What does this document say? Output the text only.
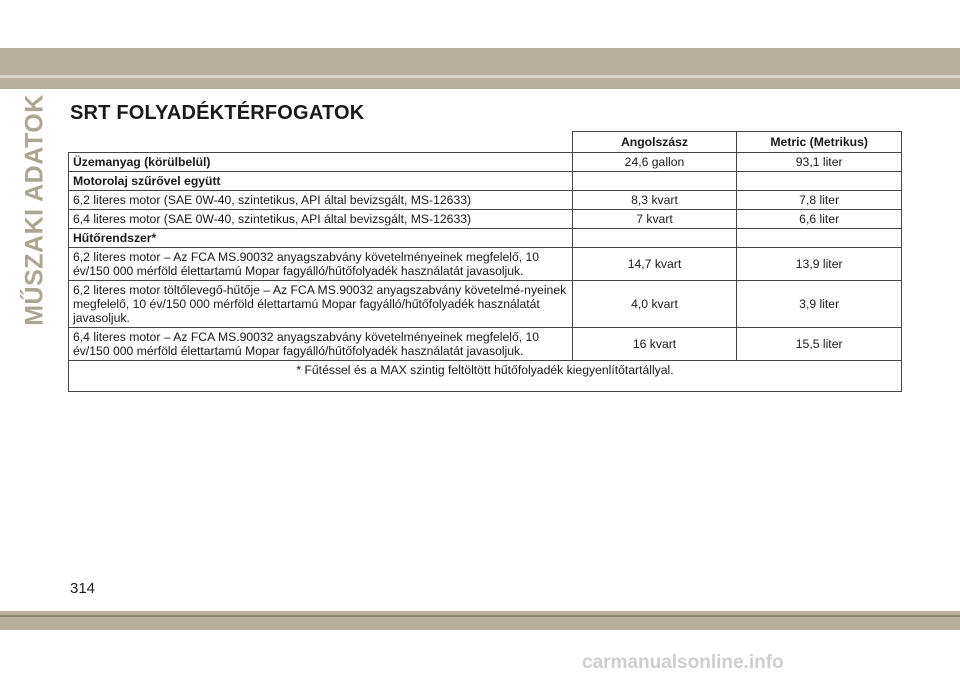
MŰSZAKI ADATOK SRT FOLYADÉKTÉRFOGATOK
	Angolszász	Metric (Metrikus)
Üzemanyag (körülbelül)	24,6 gallon	93,1 liter
Motorolaj szűrővel együtt		
6,2 literes motor (SAE 0W-40, szintetikus, API által bevizsgált, MS-12633)	8,3 kvart	7,8 liter
6,4 literes motor (SAE 0W-40, szintetikus, API által bevizsgált, MS-12633)	7 kvart	6,6 liter
Hűtőrendszer*		
6,2 literes motor – Az FCA MS.90032 anyagszabvány követelményeinek megfelelő, 10 év/150 000 mérföld élettartamú Mopar fagyálló/hűtőfolyadék használatát javasoljuk.	14,7 kvart	13,9 liter
6,2 literes motor töltőlevegő-hűtője – Az FCA MS.90032 anyagszabvány követelmé-nyeinek megfelelő, 10 év/150 000 mérföld élettartamú Mopar fagyálló/hűtőfolyadék használatát javasoljuk.	4,0 kvart	3,9 liter
6,4 literes motor – Az FCA MS.90032 anyagszabvány követelményeinek megfelelő, 10 év/150 000 mérföld élettartamú Mopar fagyálló/hűtőfolyadék használatát javasoljuk.	16 kvart	15,5 liter
* Fűtéssel és a MAX szintig feltöltött hűtőfolyadék kiegyenlítőtartállyal.		
314
carmanualsonline.info
